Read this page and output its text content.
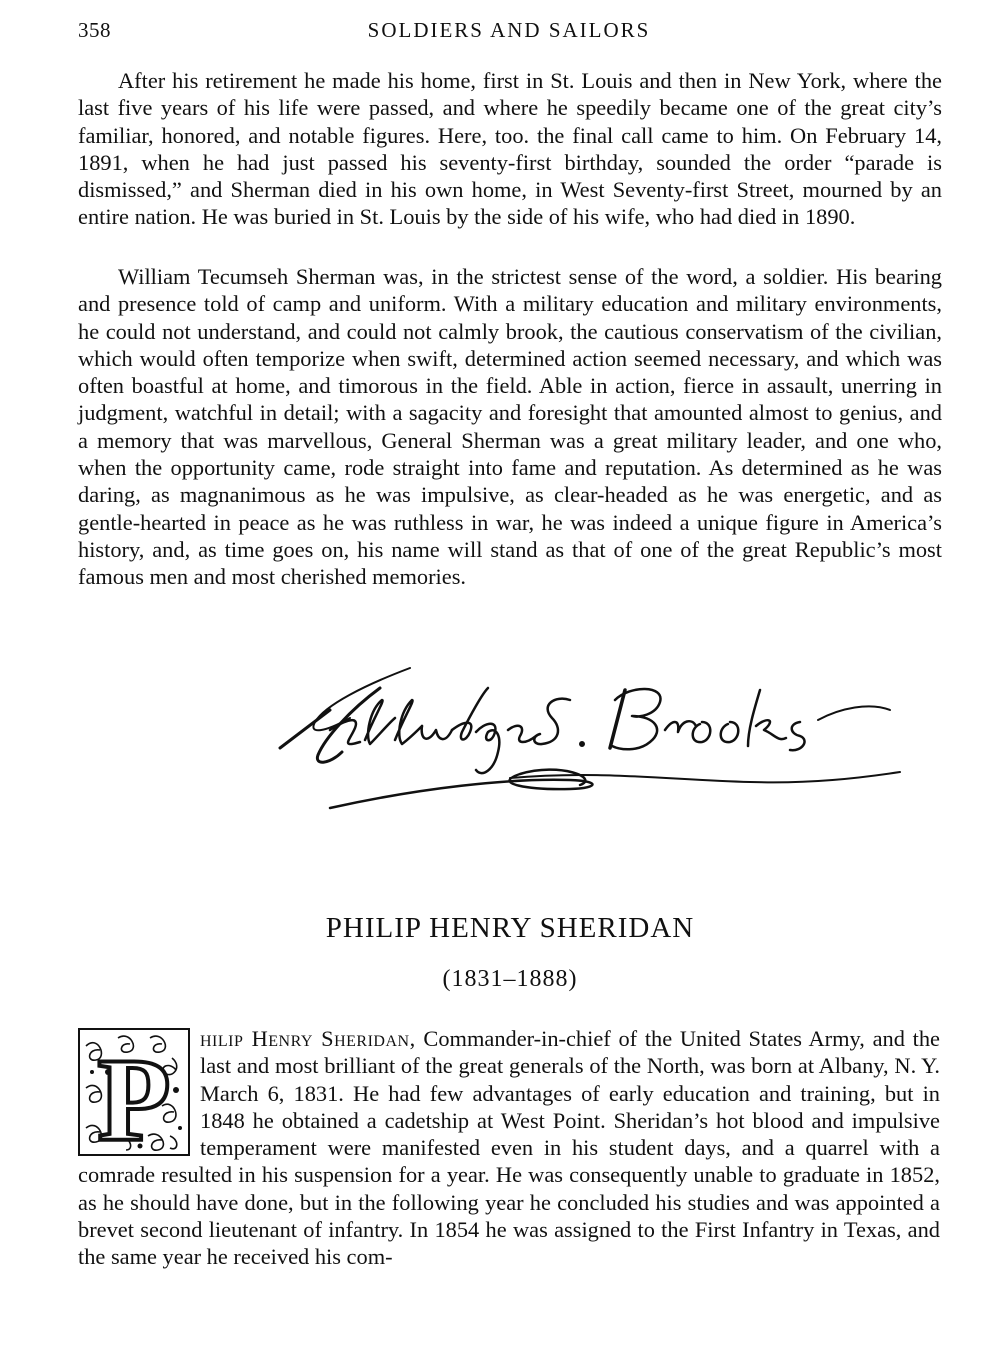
358	SOLDIERS AND SAILORS

After his retirement he made his home, first in St. Louis and then in New York, where the last five years of his life were passed, and where he speedily became one of the great city’s familiar, honored, and notable figures. Here, too. the final call came to him. On February 14, 1891, when he had just passed his seventy-first birthday, sounded the order “parade is dismissed,” and Sherman died in his own home, in West Seventy-first Street, mourned by an entire nation. He was buried in St. Louis by the side of his wife, who had died in 1890.

William Tecumseh Sherman was, in the strictest sense of the word, a soldier. His bearing and presence told of camp and uniform. With a military education and military environments, he could not understand, and could not calmly brook, the cautious conservatism of the civilian, which would often temporize when swift, determined action seemed necessary, and which was often boastful at home, and timorous in the field. Able in action, fierce in assault, unerring in judgment, watchful in detail; with a sagacity and foresight that amounted almost to genius, and a memory that was marvellous, General Sherman was a great military leader, and one who, when the opportunity came, rode straight into fame and reputation. As determined as he was daring, as magnanimous as he was impulsive, as clear-headed as he was energetic, and as gentle-hearted in peace as he was ruthless in war, he was indeed a unique figure in America’s history, and, as time goes on, his name will stand as that of one of the great Republic’s most famous men and most cherished memories.

PHILIP HENRY SHERIDAN
(1831–1888)
P	hilip Henry Sheridan, Commander-in-chief of the United States Army, and the last and most brilliant of the great generals of the North, was born at Albany, N. Y. March 6, 1831. He had few advantages of early education and training, but in 1848 he obtained a cadetship at West Point. Sheridan’s hot blood and impulsive temperament were manifested even in his student days, and a quarrel with a comrade resulted in his suspension for a year. He was consequently unable to graduate in 1852, as he should have done, but in the following year he concluded his studies and was appointed a brevet second lieutenant of infantry. In 1854 he was assigned to the First Infantry in Texas, and the same year he received his com-
